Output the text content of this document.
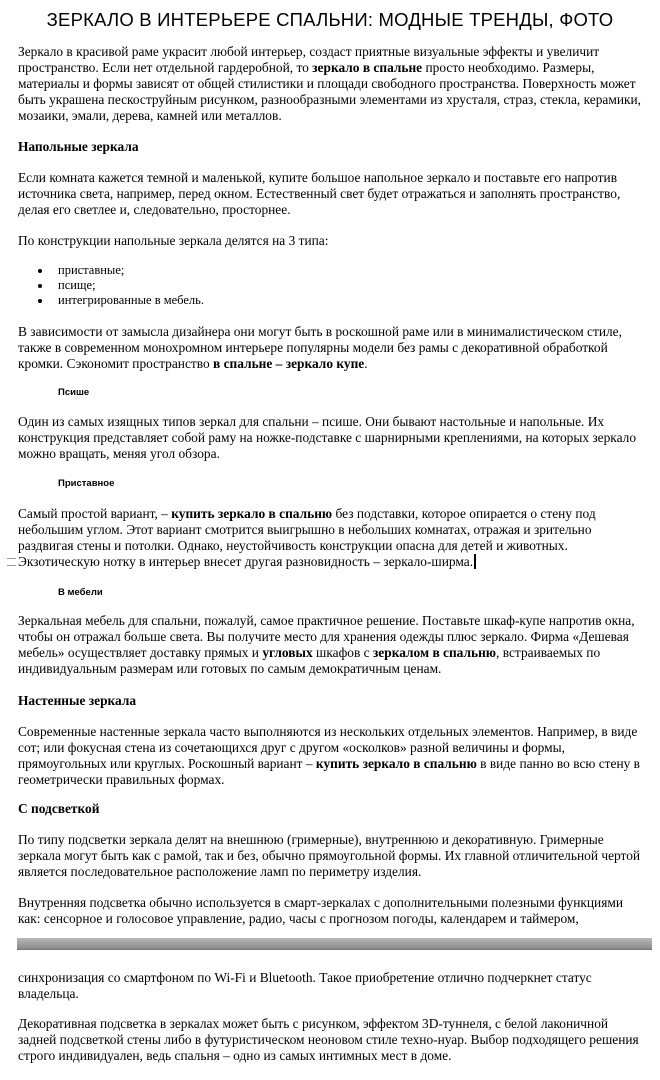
ЗЕРКАЛО В ИНТЕРЬЕРЕ СПАЛЬНИ: МОДНЫЕ ТРЕНДЫ, ФОТО

Зеркало в красивой раме украсит любой интерьер, создаст приятные визуальные эффекты и увеличит пространство. Если нет отдельной гардеробной, то зеркало в спальне просто необходимо. Размеры, материалы и формы зависят от общей стилистики и площади свободного пространства. Поверхность может быть украшена пескоструйным рисунком, разнообразными элементами из хрусталя, страз, стекла, керамики, мозаики, эмали, дерева, камней или металлов.

Напольные зеркала

Если комната кажется темной и маленькой, купите большое напольное зеркало и поставьте его напротив источника света, например, перед окном. Естественный свет будет отражаться и заполнять пространство, делая его светлее и, следовательно, просторнее.

По конструкции напольные зеркала делятся на 3 типа:

приставные;
псище;
интегрированные в мебель.

В зависимости от замысла дизайнера они могут быть в роскошной раме или в минималистическом стиле, также в современном монохромном интерьере популярны модели без рамы с декоративной обработкой кромки. Сэкономит пространство в спальне – зеркало купе.

Псише

Один из самых изящных типов зеркал для спальни – псише. Они бывают настольные и напольные. Их конструкция представляет собой раму на ножке-подставке с шарнирными креплениями, на которых зеркало можно вращать, меняя угол обзора.

Приставное

Самый простой вариант, – купить зеркало в спальню без подставки, которое опирается о стену под небольшим углом. Этот вариант смотрится выигрышно в небольших комнатах, отражая и зрительно раздвигая стены и потолки. Однако, неустойчивость конструкции опасна для детей и животных. Экзотическую нотку в интерьер внесет другая разновидность – зеркало-ширма.

В мебели

Зеркальная мебель для спальни, пожалуй, самое практичное решение. Поставьте шкаф-купе напротив окна, чтобы он отражал больше света. Вы получите место для хранения одежды плюс зеркало. Фирма «Дешевая мебель» осуществляет доставку прямых и угловых шкафов с зеркалом в спальню, встраиваемых по индивидуальным размерам или готовых по самым демократичным ценам.

Настенные зеркала

Современные настенные зеркала часто выполняются из нескольких отдельных элементов. Например, в виде сот; или фокусная стена из сочетающихся друг с другом «осколков» разной величины и формы, прямоугольных или круглых. Роскошный вариант – купить зеркало в спальню в виде панно во всю стену в геометрически правильных формах.

С подсветкой

По типу подсветки зеркала делят на внешнюю (гримерные), внутреннюю и декоративную. Гримерные зеркала могут быть как с рамой, так и без, обычно прямоугольной формы. Их главной отличительной чертой является последовательное расположение ламп по периметру изделия.

Внутренняя подсветка обычно используется в смарт-зеркалах с дополнительными полезными функциями как: сенсорное и голосовое управление, радио, часы с прогнозом погоды, календарем и таймером,

синхронизация со смартфоном по Wi-Fi и Bluetooth. Такое приобретение отлично подчеркнет статус владельца.

Декоративная подсветка в зеркалах может быть с рисунком, эффектом 3D-туннеля, с белой лаконичной задней подсветкой стены либо в футуристическом неоновом стиле техно-нуар. Выбор подходящего решения строго индивидуален, ведь спальня – одно из самых интимных мест в доме.
